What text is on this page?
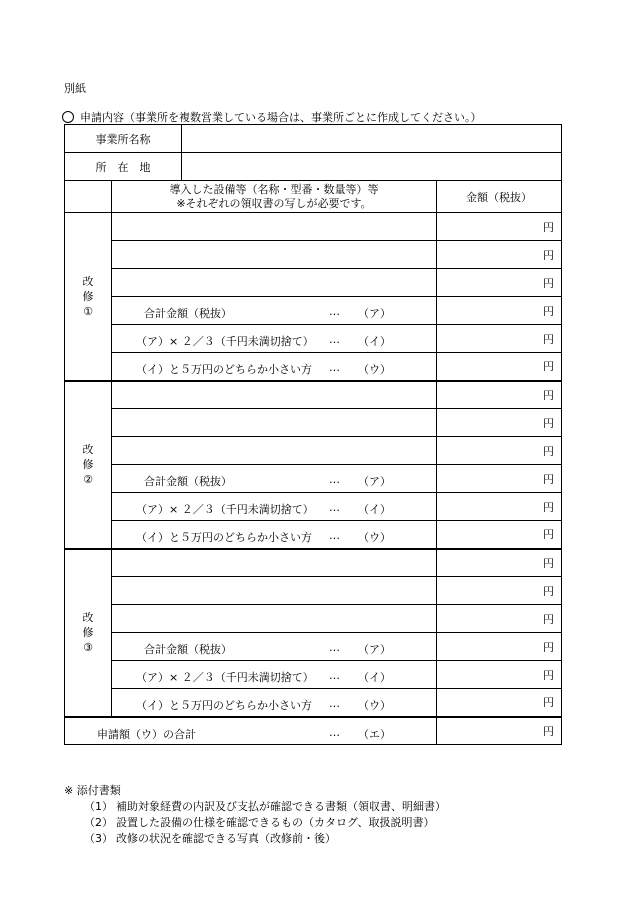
別紙
申請内容（事業所を複数営業している場合は、事業所ごとに作成してください。）
事業所名称			
所　在　地			

	導入した設備等（名称・型番・数量等）等
※それぞれの領収書の写しが必要です。		金額（税抜）

改
修
①			円
			円
			円

	合計金額（税抜） … （ア）		円

	（ア）× ２／３（千円未満切捨て） … （イ）		円

	（イ）と５万円のどちらか小さい方 … （ウ）		円

改
修
②			円
			円
			円

	合計金額（税抜） … （ア）		円

	（ア）× ２／３（千円未満切捨て） … （イ）		円

	（イ）と５万円のどちらか小さい方 … （ウ）		円

改
修
③			円
			円
			円

	合計金額（税抜） … （ア）		円

	（ア）× ２／３（千円未満切捨て） … （イ）		円

	（イ）と５万円のどちらか小さい方 … （ウ）		円

申請額（ウ）の合計 … （エ）			円
※ 添付書類
（1） 補助対象経費の内訳及び支払が確認できる書類（領収書、明細書）
（2） 設置した設備の仕様を確認できるもの（カタログ、取扱説明書）
（3） 改修の状況を確認できる写真（改修前・後）
